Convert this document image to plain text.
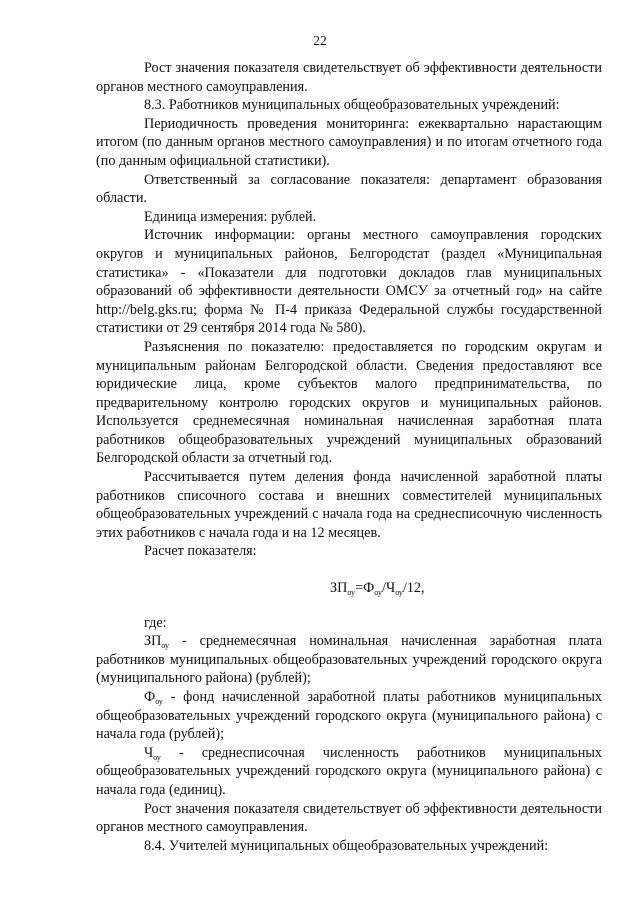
22

Рост значения показателя свидетельствует об эффективности деятельности органов местного самоуправления.

8.3. Работников муниципальных общеобразовательных учреждений:

Периодичность проведения мониторинга: ежеквартально нарастающим итогом (по данным органов местного самоуправления) и по итогам отчетного года (по данным официальной статистики).

Ответственный за согласование показателя: департамент образования области.

Единица измерения: рублей.

Источник информации: органы местного самоуправления городских округов и муниципальных районов, Белгородстат (раздел «Муниципальная статистика» - «Показатели для подготовки докладов глав муниципальных образований об эффективности деятельности ОМСУ за отчетный год» на сайте http://belg.gks.ru; форма № П-4 приказа Федеральной службы государственной статистики от 29 сентября 2014 года № 580).

Разъяснения по показателю: предоставляется по городским округам и муниципальным районам Белгородской области. Сведения предоставляют все юридические лица, кроме субъектов малого предпринимательства, по предварительному контролю городских округов и муниципальных районов. Используется среднемесячная номинальная начисленная заработная плата работников общеобразовательных учреждений муниципальных образований Белгородской области за отчетный год.

Рассчитывается путем деления фонда начисленной заработной платы работников списочного состава и внешних совместителей муниципальных общеобразовательных учреждений с начала года на среднесписочную численность этих работников с начала года и на 12 месяцев.

Расчет показателя:

$ЗП_{оу}=Ф_{оу}/Ч_{оу}/12$,

где:

$ЗП_{оу}$ - среднемесячная номинальная начисленная заработная плата работников муниципальных общеобразовательных учреждений городского округа (муниципального района) (рублей);

$Ф_{оу}$ - фонд начисленной заработной платы работников муниципальных общеобразовательных учреждений городского округа (муниципального района) с начала года (рублей);

$Ч_{оу}$ - среднесписочная численность работников муниципальных общеобразовательных учреждений городского округа (муниципального района) с начала года (единиц).

Рост значения показателя свидетельствует об эффективности деятельности органов местного самоуправления.

8.4. Учителей муниципальных общеобразовательных учреждений:
